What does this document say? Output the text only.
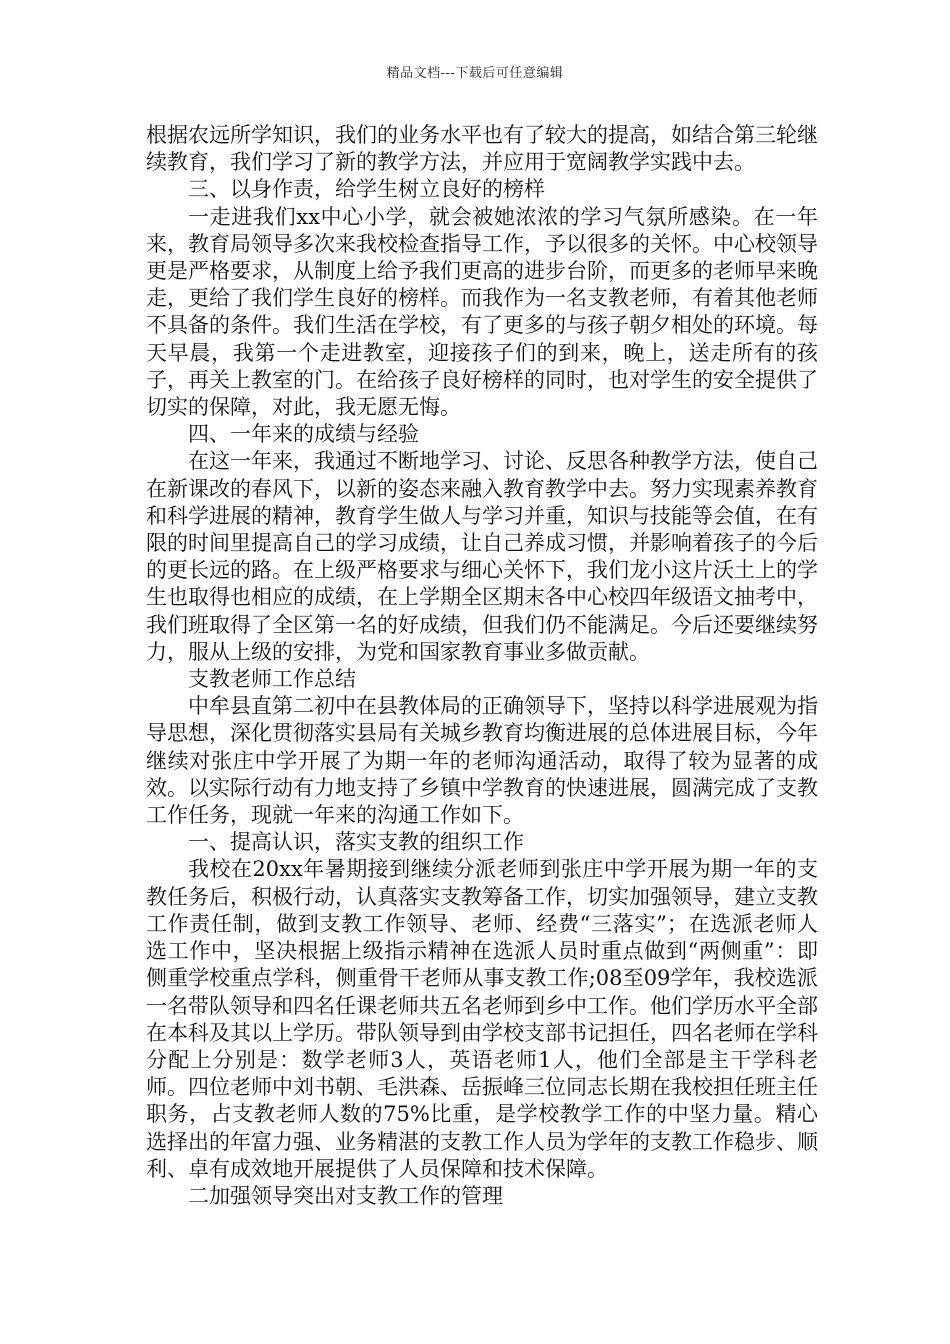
精品文档---下载后可任意编辑

根据农远所学知识，我们的业务水平也有了较大的提高，如结合第三轮继续教育，我们学习了新的教学方法，并应用于宽阔教学实践中去。

三、以身作责，给学生树立良好的榜样

一走进我们xx中心小学，就会被她浓浓的学习气氛所感染。在一年来，教育局领导多次来我校检查指导工作，予以很多的关怀。中心校领导更是严格要求，从制度上给予我们更高的进步台阶，而更多的老师早来晚走，更给了我们学生良好的榜样。而我作为一名支教老师，有着其他老师不具备的条件。我们生活在学校，有了更多的与孩子朝夕相处的环境。每天早晨，我第一个走进教室，迎接孩子们的到来，晚上，送走所有的孩子，再关上教室的门。在给孩子良好榜样的同时，也对学生的安全提供了切实的保障，对此，我无愿无悔。

四、一年来的成绩与经验

在这一年来，我通过不断地学习、讨论、反思各种教学方法，使自己在新课改的春风下，以新的姿态来融入教育教学中去。努力实现素养教育和科学进展的精神，教育学生做人与学习并重，知识与技能等会值，在有限的时间里提高自己的学习成绩，让自己养成习惯，并影响着孩子的今后的更长远的路。在上级严格要求与细心关怀下，我们龙小这片沃土上的学生也取得也相应的成绩，在上学期全区期末各中心校四年级语文抽考中，我们班取得了全区第一名的好成绩，但我们仍不能满足。今后还要继续努力，服从上级的安排，为党和国家教育事业多做贡献。

支教老师工作总结

中牟县直第二初中在县教体局的正确领导下，坚持以科学进展观为指导思想，深化贯彻落实县局有关城乡教育均衡进展的总体进展目标，今年继续对张庄中学开展了为期一年的老师沟通活动，取得了较为显著的成效。以实际行动有力地支持了乡镇中学教育的快速进展，圆满完成了支教工作任务，现就一年来的沟通工作如下。

一、提高认识，落实支教的组织工作

我校在20xx年暑期接到继续分派老师到张庄中学开展为期一年的支教任务后，积极行动，认真落实支教筹备工作，切实加强领导，建立支教工作责任制，做到支教工作领导、老师、经费“三落实”；在选派老师人选工作中，坚决根据上级指示精神在选派人员时重点做到“两侧重”：即侧重学校重点学科，侧重骨干老师从事支教工作;08至09学年，我校选派一名带队领导和四名任课老师共五名老师到乡中工作。他们学历水平全部在本科及其以上学历。带队领导到由学校支部书记担任，四名老师在学科分配上分别是：数学老师3人，英语老师1人，他们全部是主干学科老师。四位老师中刘书朝、毛洪森、岳振峰三位同志长期在我校担任班主任职务，占支教老师人数的75%比重，是学校教学工作的中坚力量。精心选择出的年富力强、业务精湛的支教工作人员为学年的支教工作稳步、顺利、卓有成效地开展提供了人员保障和技术保障。

二加强领导突出对支教工作的管理
